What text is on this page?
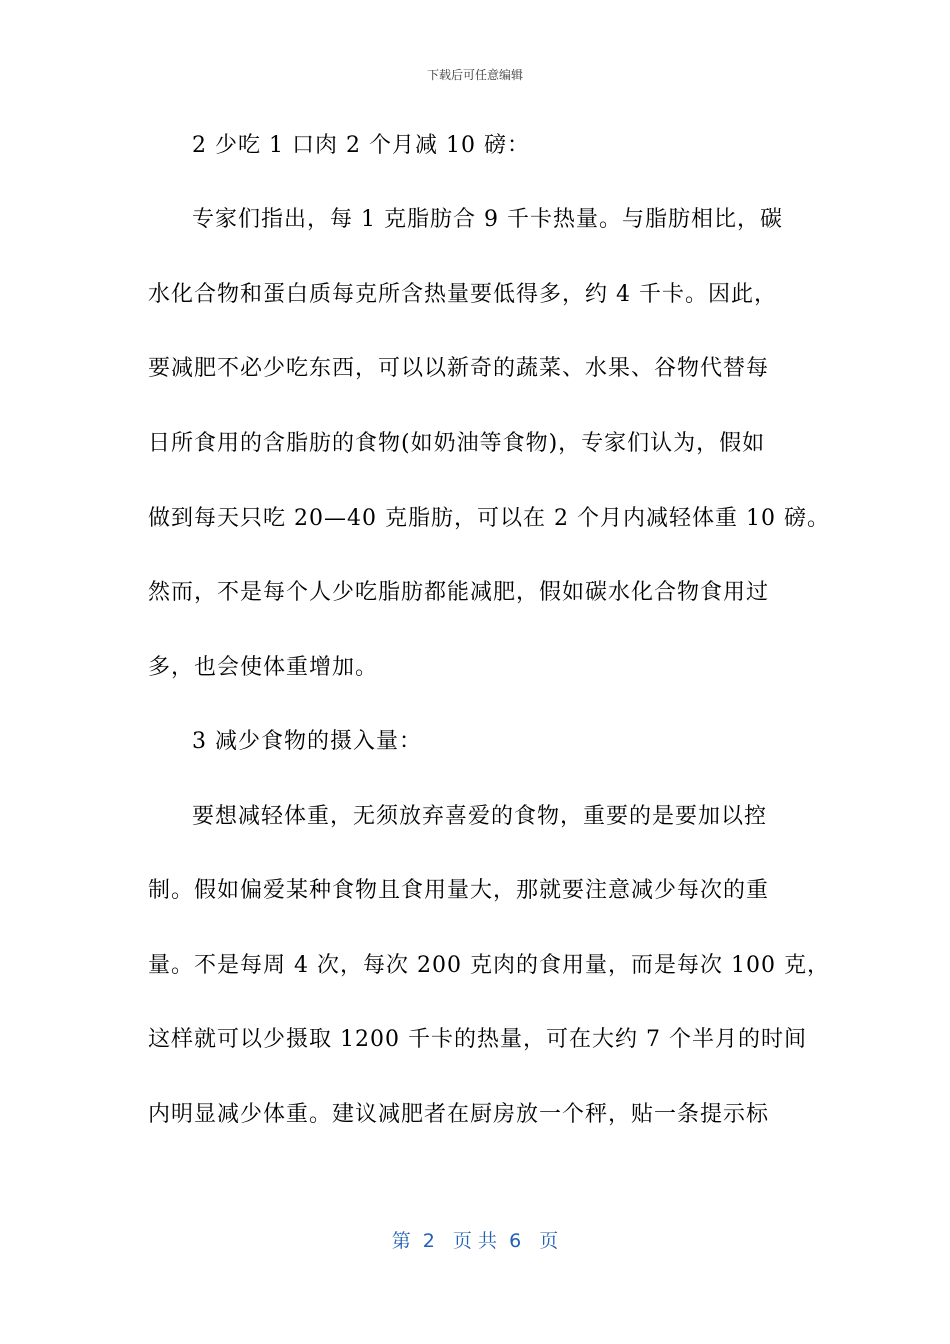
下载后可任意编辑
2 少吃 1 口肉 2 个月减 10 磅：
专家们指出，每 1 克脂肪合 9 千卡热量。与脂肪相比，碳
水化合物和蛋白质每克所含热量要低得多，约 4 千卡。因此，
要减肥不必少吃东西，可以以新奇的蔬菜、水果、谷物代替每
日所食用的含脂肪的食物(如奶油等食物)，专家们认为，假如
做到每天只吃 20—40 克脂肪，可以在 2 个月内减轻体重 10 磅。
然而，不是每个人少吃脂肪都能减肥，假如碳水化合物食用过
多，也会使体重增加。
3 减少食物的摄入量：
要想减轻体重，无须放弃喜爱的食物，重要的是要加以控
制。假如偏爱某种食物且食用量大，那就要注意减少每次的重
量。不是每周 4 次，每次 200 克肉的食用量，而是每次 100 克，
这样就可以少摄取 1200 千卡的热量，可在大约 7 个半月的时间
内明显减少体重。建议减肥者在厨房放一个秤，贴一条提示标
第  2   页 共  6   页
